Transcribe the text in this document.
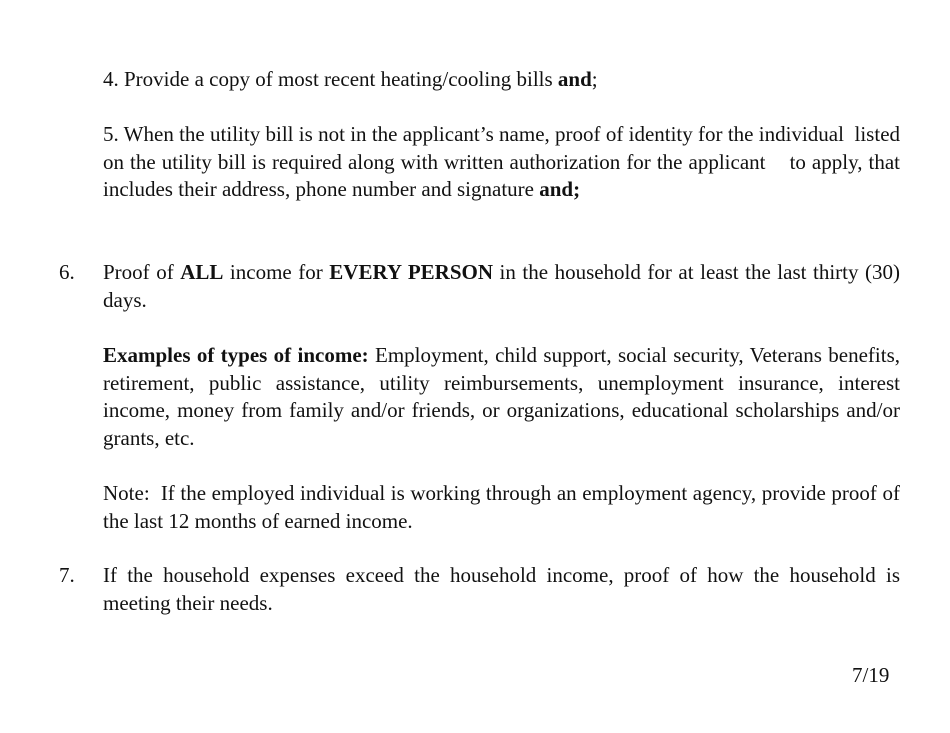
4. Provide a copy of most recent heating/cooling bills and;

5. When the utility bill is not in the applicant’s name, proof of identity for the individual  listed on the utility bill is required along with written authorization for the applicant    to apply, that includes their address, phone number and signature and;

6. Proof of ALL income for EVERY PERSON in the household for at least the last thirty (30) days.

Examples of types of income: Employment, child support, social security, Veterans benefits, retirement, public assistance, utility reimbursements, unemployment insurance, interest income, money from family and/or friends, or organizations, educational scholarships and/or grants, etc.

Note:  If the employed individual is working through an employment agency, provide proof of the last 12 months of earned income.

7. If the household expenses exceed the household income, proof of how the household is meeting their needs.

7/19
